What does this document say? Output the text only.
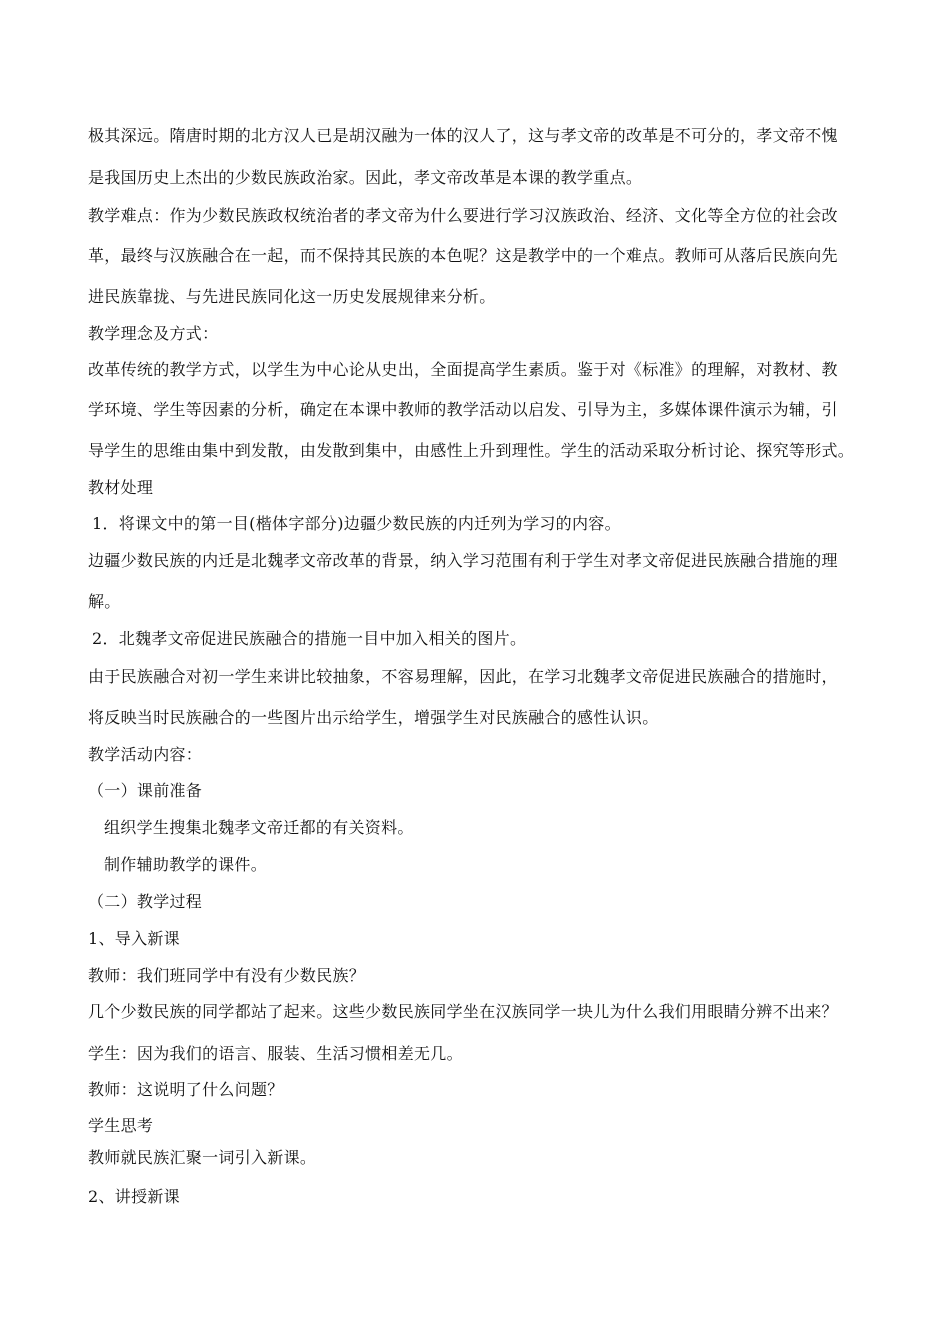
极其深远。隋唐时期的北方汉人已是胡汉融为一体的汉人了，这与孝文帝的改革是不可分的，孝文帝不愧
是我国历史上杰出的少数民族政治家。因此，孝文帝改革是本课的教学重点。
教学难点：作为少数民族政权统治者的孝文帝为什么要进行学习汉族政治、经济、文化等全方位的社会改
革，最终与汉族融合在一起，而不保持其民族的本色呢？这是教学中的一个难点。教师可从落后民族向先
进民族靠拢、与先进民族同化这一历史发展规律来分析。
教学理念及方式：
改革传统的教学方式，以学生为中心论从史出，全面提高学生素质。鉴于对《标准》的理解，对教材、教
学环境、学生等因素的分析，确定在本课中教师的教学活动以启发、引导为主，多媒体课件演示为辅，引
导学生的思维由集中到发散，由发散到集中，由感性上升到理性。学生的活动采取分析讨论、探究等形式。
教材处理
1．将课文中的第一目(楷体字部分)边疆少数民族的内迁列为学习的内容。
边疆少数民族的内迁是北魏孝文帝改革的背景，纳入学习范围有利于学生对孝文帝促进民族融合措施的理
解。
2．北魏孝文帝促进民族融合的措施一目中加入相关的图片。
由于民族融合对初一学生来讲比较抽象，不容易理解，因此，在学习北魏孝文帝促进民族融合的措施时，
将反映当时民族融合的一些图片出示给学生，增强学生对民族融合的感性认识。
教学活动内容：
（一）课前准备
组织学生搜集北魏孝文帝迁都的有关资料。
制作辅助教学的课件。
（二）教学过程
1、导入新课
教师：我们班同学中有没有少数民族？
几个少数民族的同学都站了起来。这些少数民族同学坐在汉族同学一块儿为什么我们用眼睛分辨不出来？
学生：因为我们的语言、服装、生活习惯相差无几。
教师：这说明了什么问题？
学生思考
教师就民族汇聚一词引入新课。
2、讲授新课
